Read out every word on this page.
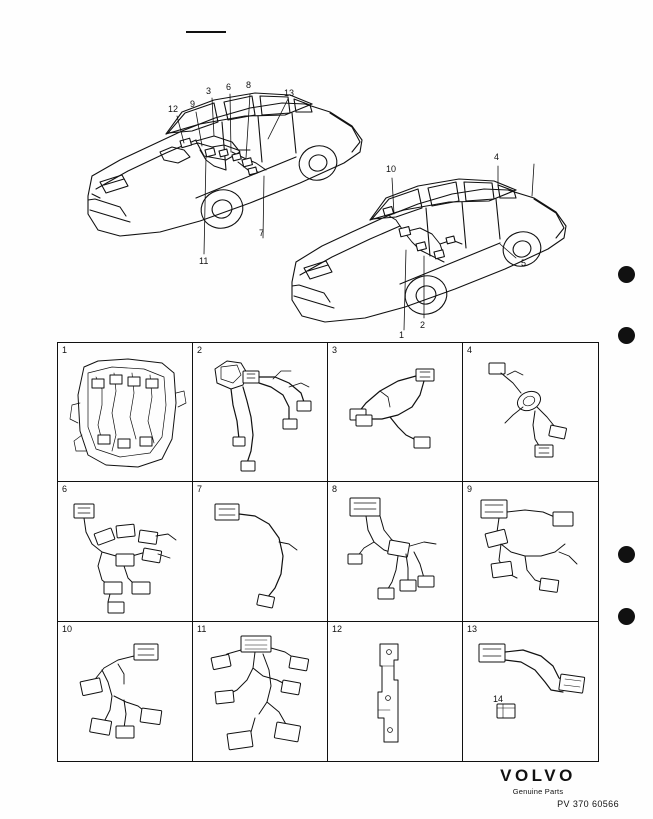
12 9
3 6 8
13
11
7
10
4
5
1
2
1	2	3	4
6	7	8	9
10	11	12	13
14
VOLVO
Genuine Parts
PV 370 60566
